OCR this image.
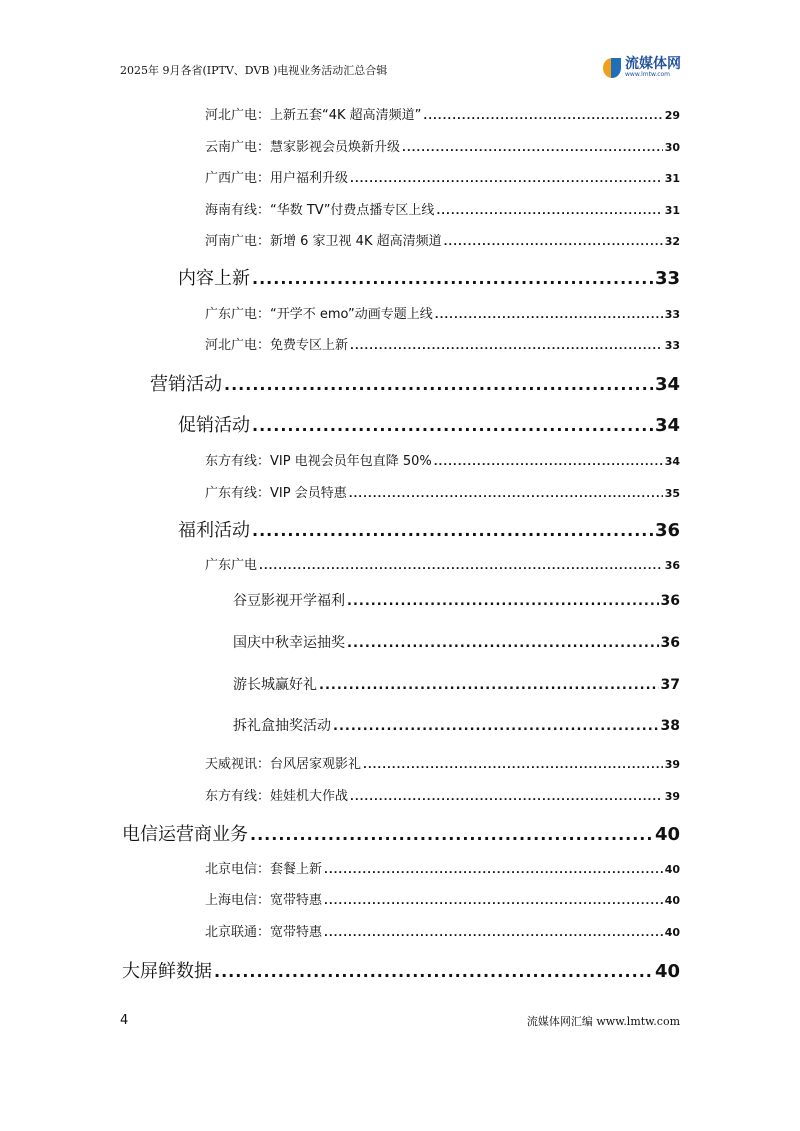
2025年 9月各省(IPTV、DVB )电视业务活动汇总合辑	流媒体网
www.lmtw.com
河北广电：上新五套“4K 超高清频道” .....	29
云南广电：慧家影视会员焕新升级 .....	30
广西广电：用户福利升级 .....	31
海南有线：“华数 TV”付费点播专区上线 .....	31
河南广电：新增 6 家卫视 4K 超高清频道 .....	32
内容上新 .....	33
广东广电：“开学不 emo”动画专题上线 .....	33
河北广电：免费专区上新 .....	33
营销活动 .....	34
促销活动 .....	34
东方有线：VIP 电视会员年包直降 50% .....	34
广东有线：VIP 会员特惠 .....	35
福利活动 .....	36
广东广电 .....	36
谷豆影视开学福利 .....	36
国庆中秋幸运抽奖 .....	36
游长城赢好礼 .....	37
拆礼盒抽奖活动 .....	38
天威视讯：台风居家观影礼 .....	39
东方有线：娃娃机大作战 .....	39
电信运营商业务 .....	40
北京电信：套餐上新 .....	40
上海电信：宽带特惠 .....	40
北京联通：宽带特惠 .....	40
大屏鲜数据 .....	40
4	流媒体网汇编 www.lmtw.com
